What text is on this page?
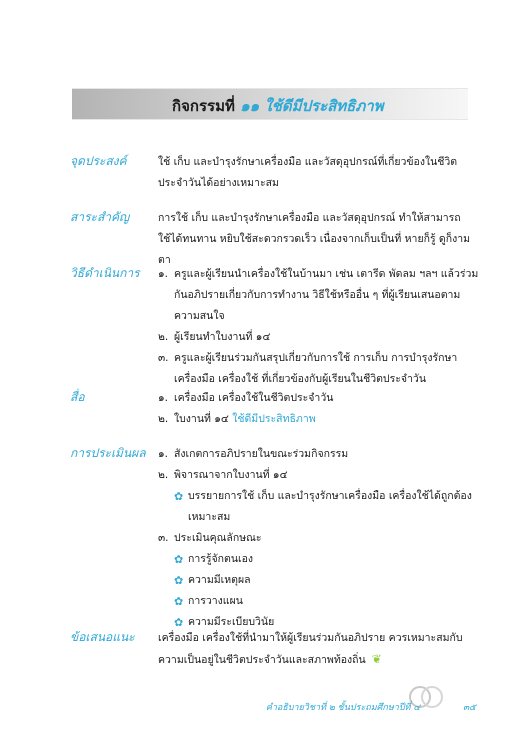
กิจกรรมที่ ๑๑ ใช้ดีมีประสิทธิภาพ
จุดประสงค์	ใช้ เก็บ และบำรุงรักษาเครื่องมือ และวัสดุอุปกรณ์ที่เกี่ยวข้องในชีวิตประจำวันได้อย่างเหมาะสม

สาระสำคัญ	การใช้ เก็บ และบำรุงรักษาเครื่องมือ และวัสดุอุปกรณ์ ทำให้สามารถใช้ได้ทนทาน หยิบใช้สะดวกรวดเร็ว เนื่องจากเก็บเป็นที่ หายก็รู้ ดูก็งามตา

วิธีดำเนินการ	๑. ครูและผู้เรียนนำเครื่องใช้ในบ้านมา เช่น เตารีด พัดลม ฯลฯ แล้วร่วมกันอภิปรายเกี่ยวกับการทำงาน วิธีใช้หรืออื่น ๆ ที่ผู้เรียนเสนอตามความสนใจ
๒. ผู้เรียนทำใบงานที่ ๑๔
๓. ครูและผู้เรียนร่วมกันสรุปเกี่ยวกับการใช้ การเก็บ การบำรุงรักษา เครื่องมือ เครื่องใช้ ที่เกี่ยวข้องกับผู้เรียนในชีวิตประจำวัน
สื่อ	๑. เครื่องมือ เครื่องใช้ในชีวิตประจำวัน
๒. ใบงานที่ ๑๔ ใช้ดีมีประสิทธิภาพ
การประเมินผล	๑. สังเกตการอภิปรายในขณะร่วมกิจกรรม
๒. พิจารณาจากใบงานที่ ๑๔
✿ บรรยายการใช้ เก็บ และบำรุงรักษาเครื่องมือ เครื่องใช้ได้ถูกต้องเหมาะสม
๓. ประเมินคุณลักษณะ
✿ การรู้จักตนเอง
✿ ความมีเหตุผล
✿ การวางแผน
✿ ความมีระเบียบวินัย
ข้อเสนอแนะ	เครื่องมือ เครื่องใช้ที่นำมาให้ผู้เรียนร่วมกันอภิปราย ควรเหมาะสมกับความเป็นอยู่ในชีวิตประจำวันและสภาพท้องถิ่น ❦

คำอธิบายวิชาที่ ๒ ชั้นประถมศึกษาปีที่ ๔	๓๕
